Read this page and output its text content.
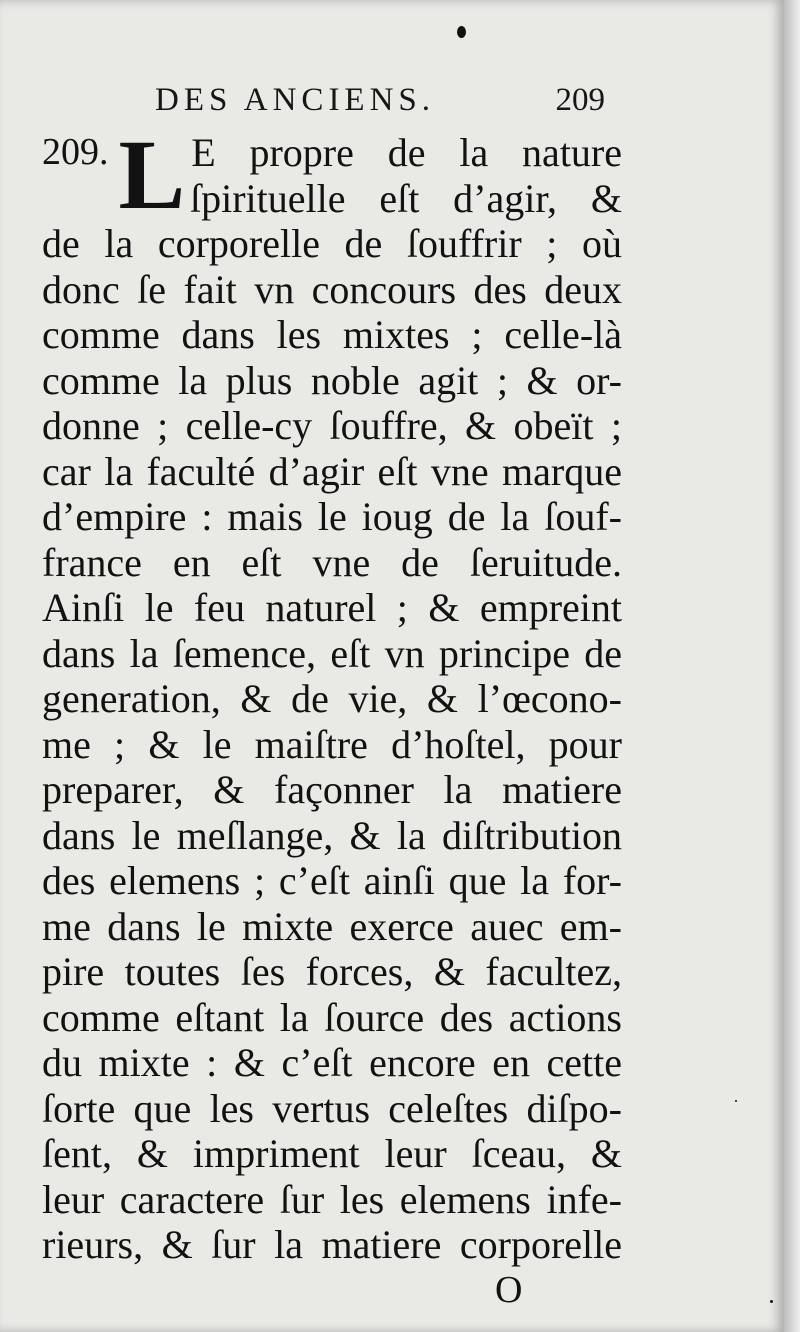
DES ANCIENS.	209
209. L E propre de la nature
ſpirituelle eſt d’agir, &
de la corporelle de ſouffrir ; où
donc ſe fait vn concours des deux
comme dans les mixtes ; celle-là
comme la plus noble agit ; & or-
donne ; celle-cy ſouffre, & obeït ;
car la faculté d’agir eſt vne marque
d’empire : mais le ioug de la ſouf-
france en eſt vne de ſeruitude.
Ainſi le feu naturel ; & empreint
dans la ſemence, eſt vn principe de
generation, & de vie, & l’œcono-
me ; & le maiſtre d’hoſtel, pour
preparer, & façonner la matiere
dans le meſlange, & la diſtribution
des elemens ; c’eſt ainſi que la for-
me dans le mixte exerce auec em-
pire toutes ſes forces, & facultez,
comme eſtant la ſource des actions
du mixte : & c’eſt encore en cette
ſorte que les vertus celeſtes diſpo-
ſent, & impriment leur ſceau, &
leur caractere ſur les elemens infe-
rieurs, & ſur la matiere corporelle
O
